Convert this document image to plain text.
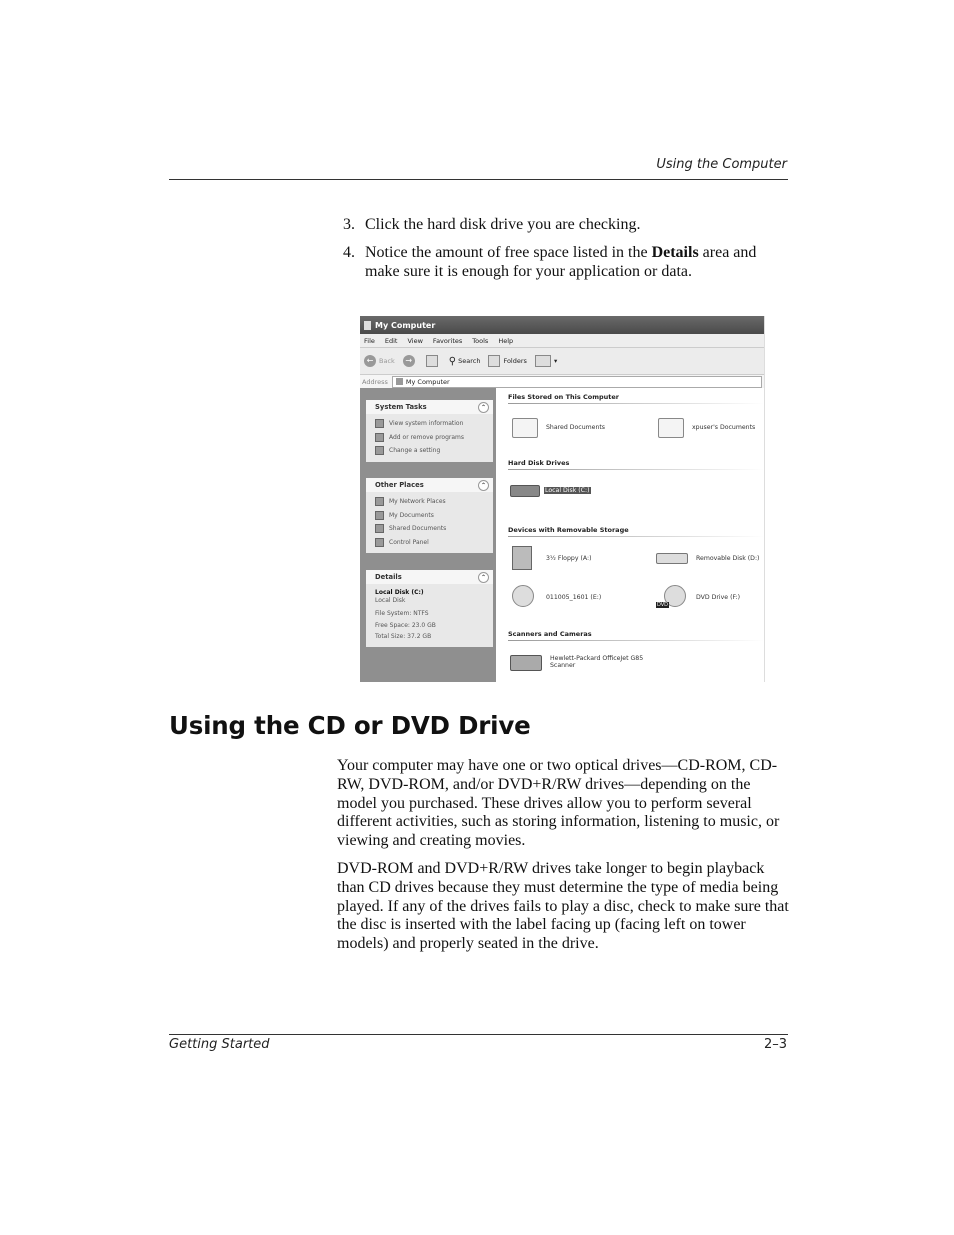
Using the Computer
3. Click the hard disk drive you are checking.
4. Notice the amount of free space listed in the Details area and make sure it is enough for your application or data.
My Computer
File Edit View Favorites Tools Help
← Back	→	⚲ Search	Folders	▾
Address	My Computer
System Tasks	⌃
View system information
Add or remove programs
Change a setting
Other Places	⌃
My Network Places
My Documents
Shared Documents
Control Panel
Details	⌃
Local Disk (C:)
Local Disk
File System: NTFS
Free Space: 23.0 GB
Total Size: 37.2 GB
Files Stored on This Computer
Shared Documents	xpuser's Documents
Hard Disk Drives
Local Disk (C:)
Devices with Removable Storage
3½ Floppy (A:)	Removable Disk (D:)
011005_1601 (E:)
DVD
DVD Drive (F:)
Scanners and Cameras
Hewlett-Packard OfficeJet G85
Scanner
Using the CD or DVD Drive

Your computer may have one or two optical drives—CD-ROM, CD-RW, DVD-ROM, and/or DVD+R/RW drives—depending on the model you purchased. These drives allow you to perform several different activities, such as storing information, listening to music, or viewing and creating movies.

DVD-ROM and DVD+R/RW drives take longer to begin playback than CD drives because they must determine the type of media being played. If any of the drives fails to play a disc, check to make sure that the disc is inserted with the label facing up (facing left on tower models) and properly seated in the drive.

Getting Started	2–3
